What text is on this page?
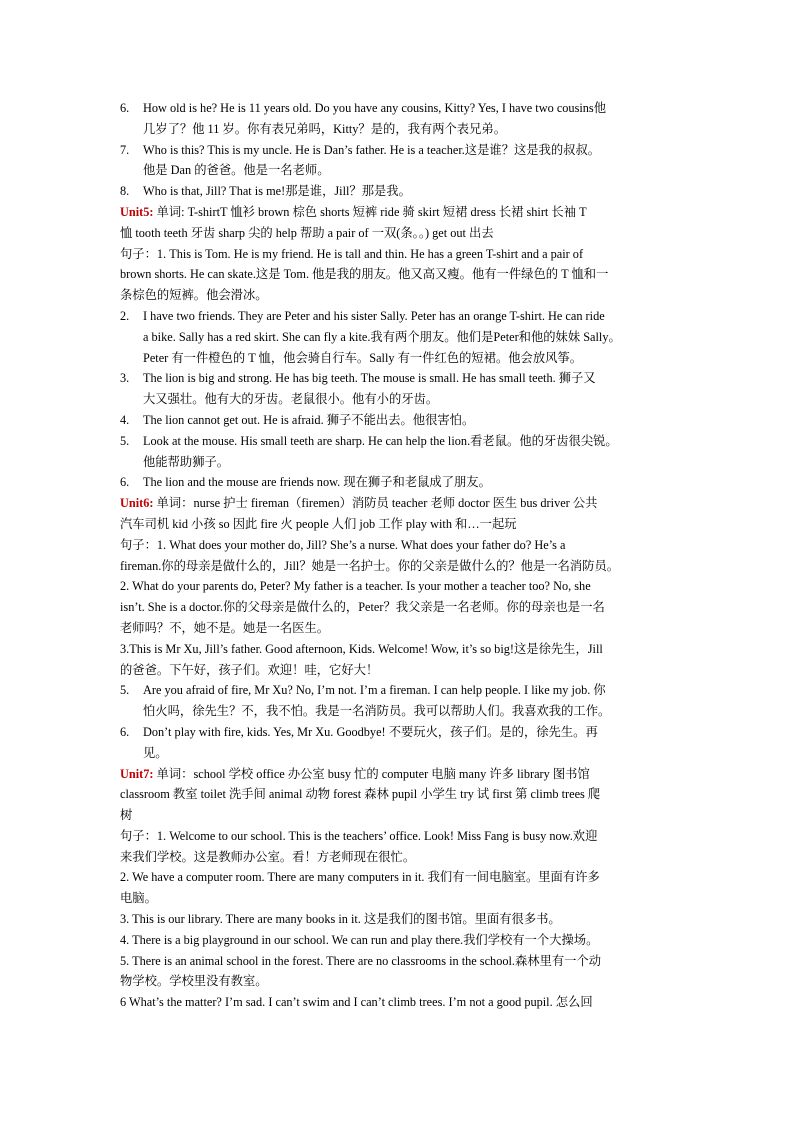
6. How old is he? He is 11 years old. Do you have any cousins, Kitty? Yes, I have two cousins他
几岁了？他 11 岁。你有表兄弟吗，Kitty？是的，我有两个表兄弟。
7. Who is this? This is my uncle. He is Dan’s father. He is a teacher.这是谁？这是我的叔叔。
他是 Dan 的爸爸。他是一名老师。
8. Who is that, Jill? That is me!那是谁，Jill？那是我。
Unit5: 单词: T-shirtT 恤衫 brown 棕色 shorts 短裤 ride 骑 skirt 短裙 dress 长裙 shirt 长袖 T
恤 tooth teeth 牙齿 sharp 尖的 help 帮助 a pair of 一双(条。。) get out 出去
句子：1. This is Tom. He is my friend. He is tall and thin. He has a green T-shirt and a pair of
brown shorts. He can skate.这是 Tom. 他是我的朋友。他又高又瘦。他有一件绿色的 T 恤和一
条棕色的短裤。他会滑冰。
2. I have two friends. They are Peter and his sister Sally. Peter has an orange T-shirt. He can ride
a bike. Sally has a red skirt. She can fly a kite.我有两个朋友。他们是Peter和他的妹妹 Sally。
Peter 有一件橙色的 T 恤，他会骑自行车。Sally 有一件红色的短裙。他会放风筝。
3. The lion is big and strong. He has big teeth. The mouse is small. He has small teeth. 狮子又
大又强壮。他有大的牙齿。老鼠很小。他有小的牙齿。
4. The lion cannot get out. He is afraid. 狮子不能出去。他很害怕。
5. Look at the mouse. His small teeth are sharp. He can help the lion.看老鼠。他的牙齿很尖锐。
他能帮助狮子。
6. The lion and the mouse are friends now. 现在狮子和老鼠成了朋友。
Unit6: 单词：nurse 护士 fireman（firemen）消防员 teacher 老师 doctor 医生 bus driver 公共
汽车司机 kid 小孩 so 因此 fire 火 people 人们 job 工作 play with 和…一起玩
句子：1. What does your mother do, Jill? She’s a nurse. What does your father do? He’s a
fireman.你的母亲是做什么的，Jill？她是一名护士。你的父亲是做什么的？他是一名消防员。
2. What do your parents do, Peter? My father is a teacher. Is your mother a teacher too? No, she
isn’t. She is a doctor.你的父母亲是做什么的，Peter？我父亲是一名老师。你的母亲也是一名
老师吗？不，她不是。她是一名医生。
3.This is Mr Xu, Jill’s father. Good afternoon, Kids. Welcome! Wow, it’s so big!这是徐先生，Jill
的爸爸。下午好，孩子们。欢迎！哇，它好大！
5. Are you afraid of fire, Mr Xu? No, I’m not. I’m a fireman. I can help people. I like my job. 你
怕火吗，徐先生？不，我不怕。我是一名消防员。我可以帮助人们。我喜欢我的工作。
6. Don’t play with fire, kids. Yes, Mr Xu. Goodbye! 不要玩火，孩子们。是的，徐先生。再
见。
Unit7: 单词：school 学校 office 办公室 busy 忙的 computer 电脑 many 许多 library 图书馆
classroom 教室 toilet 洗手间 animal 动物 forest 森林 pupil 小学生 try 试 first 第 climb trees 爬
树
句子：1. Welcome to our school. This is the teachers’ office. Look! Miss Fang is busy now.欢迎
来我们学校。这是教师办公室。看！方老师现在很忙。
2. We have a computer room. There are many computers in it. 我们有一间电脑室。里面有许多
电脑。
3. This is our library. There are many books in it. 这是我们的图书馆。里面有很多书。
4. There is a big playground in our school. We can run and play there.我们学校有一个大操场。
5. There is an animal school in the forest. There are no classrooms in the school.森林里有一个动
物学校。学校里没有教室。
6 What’s the matter? I’m sad. I can’t swim and I can’t climb trees. I’m not a good pupil. 怎么回
